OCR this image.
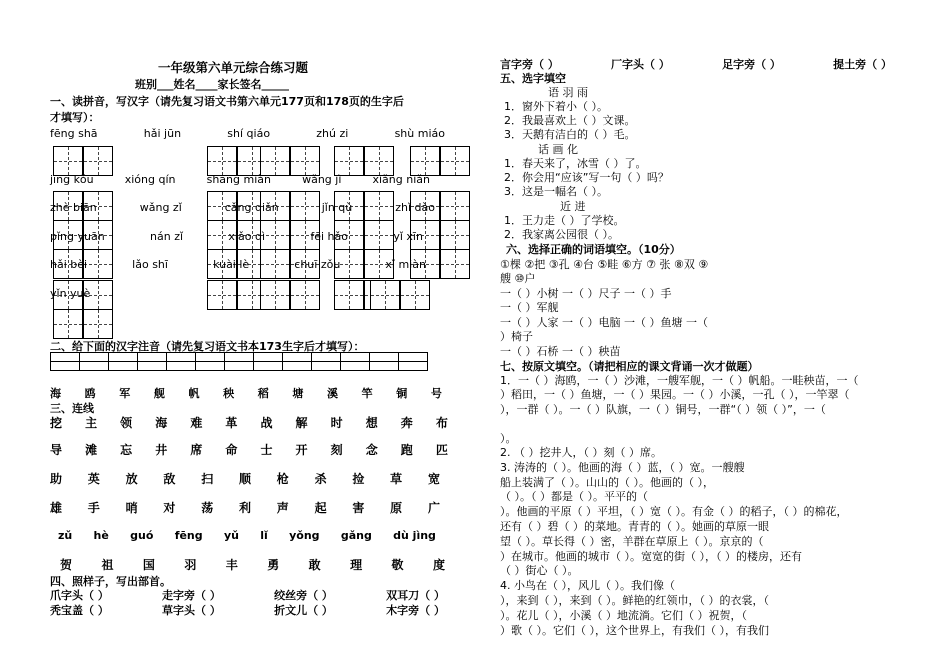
一年级第六单元综合练习题
班别___姓名____家长签名_____
一、读拼音，写汉字（请先复习语文书第六单元177页和178页的生字后
才填写）：
fēng shā	hǎi jūn	shí qiáo	zhú zi	shù miáo
jīng kǒu	xióng qín	shāng miàn	wǎng jì	xiǎng niǎn
zhè biān	wǎng zǐ	cǎng qiǎn	jǐn qù	zhǐ dào
pǐng yuān	nán zǐ	xiǎo qì	fēi hǎo	yǐ xīn
hǎi bèi	lǎo shī	kuài lè	chuī zǒu	xǐ miàn
yǐn yuè
二、给下面的汉字注音（请先复习语文书本173生字后才填写）：

海 鸥 军 舰 帆 秧 稻 塘 溪 竿 铜 号
三、连线
挖 主 领 海 难 革 战 解 时 想 奔 布
导 滩 忘 井 席 命 士 开 刻 念 跑 匹
助 英 放 敌 扫 顺 枪 杀 捡 草 宽
雄 手 哨 对 荡 利 声 起 害 原 广
zǔ hè guó fēng yǔ lǐ yǒng gǎng dù jìng
贺 祖 国 羽 丰 勇 敢 理 敬 度
四、照样子，写出部首。
爪字头（ ）	走字旁（ ）	绞丝旁（ ）	双耳刀（ ）
秃宝盖（ ）	草字头（ ）	折文儿（ ）	木字旁（ ）
言字旁（ ）	厂字头（ ）	足字旁（ ）	提土旁（ ）
五、选字填空
语 羽 雨
1．窗外下着小（ ）。
2．我最喜欢上（ ）文课。
3．天鹅有洁白的（ ）毛。
话 画 化
1．春天来了，冰雪（ ）了。
2．你会用“应该”写一句（ ）吗？
3．这是一幅名（ ）。
近 进
1．王力走（ ）了学校。
2．我家离公园很（ ）。
六、选择正确的词语填空。（10分）
①棵 ②把 ③孔 ④台 ⑤畦 ⑥方 ⑦ 张 ⑧双 ⑨
艘 ⑩户
一（ ）小树 一（ ）尺子 一（ ）手
一（ ）军舰
一（ ）人家 一（ ）电脑 一（ ）鱼塘 一（
）椅子
一（ ）石桥 一（ ）秧苗
七、按原文填空。（请把相应的课文背诵一次才做题）
1．一（ ）海鸥，一（ ）沙滩，一艘军舰，一（ ）帆船。一畦秧苗，一（
）稻田，一（ ）鱼塘，一（ ）果园。一（ ）小溪，一孔（ ），一竿翠（
），一群（ ）。一（ ）队旗，一（ ）铜号，一群“（ ）领（ ）”，一（
）。
2. （ ）挖井人，（ ）刻（ ）席。
3. 涛涛的（ ）。他画的海（ ）蓝，（ ）宽。一艘艘
船上装满了（ ）。山山的（ ）。他画的（ ），
（ ）。（ ）都是（ ）。平平的（
）。他画的平原（ ）平坦，（ ）宽（ ）。有金（ ）的稻子，（ ）的棉花，
还有（ ）碧（ ）的菜地。青青的（ ）。她画的草原一眼
望（ ）。草长得（ ）密，羊群在草原上（ ）。京京的（
）在城市。他画的城市（ ）。宽宽的街（ ），（ ）的楼房，还有
（ ）街心（ ）。
4. 小鸟在（ ），风儿（ ）。我们像（
），来到（ ），来到（ ）。鲜艳的红领巾，（ ）的衣裳，（
）。花儿（ ），小溪（ ）地流淌。它们（ ）祝贺，（
）歌（ ）。它们（ ），这个世界上，有我们（ ），有我们
